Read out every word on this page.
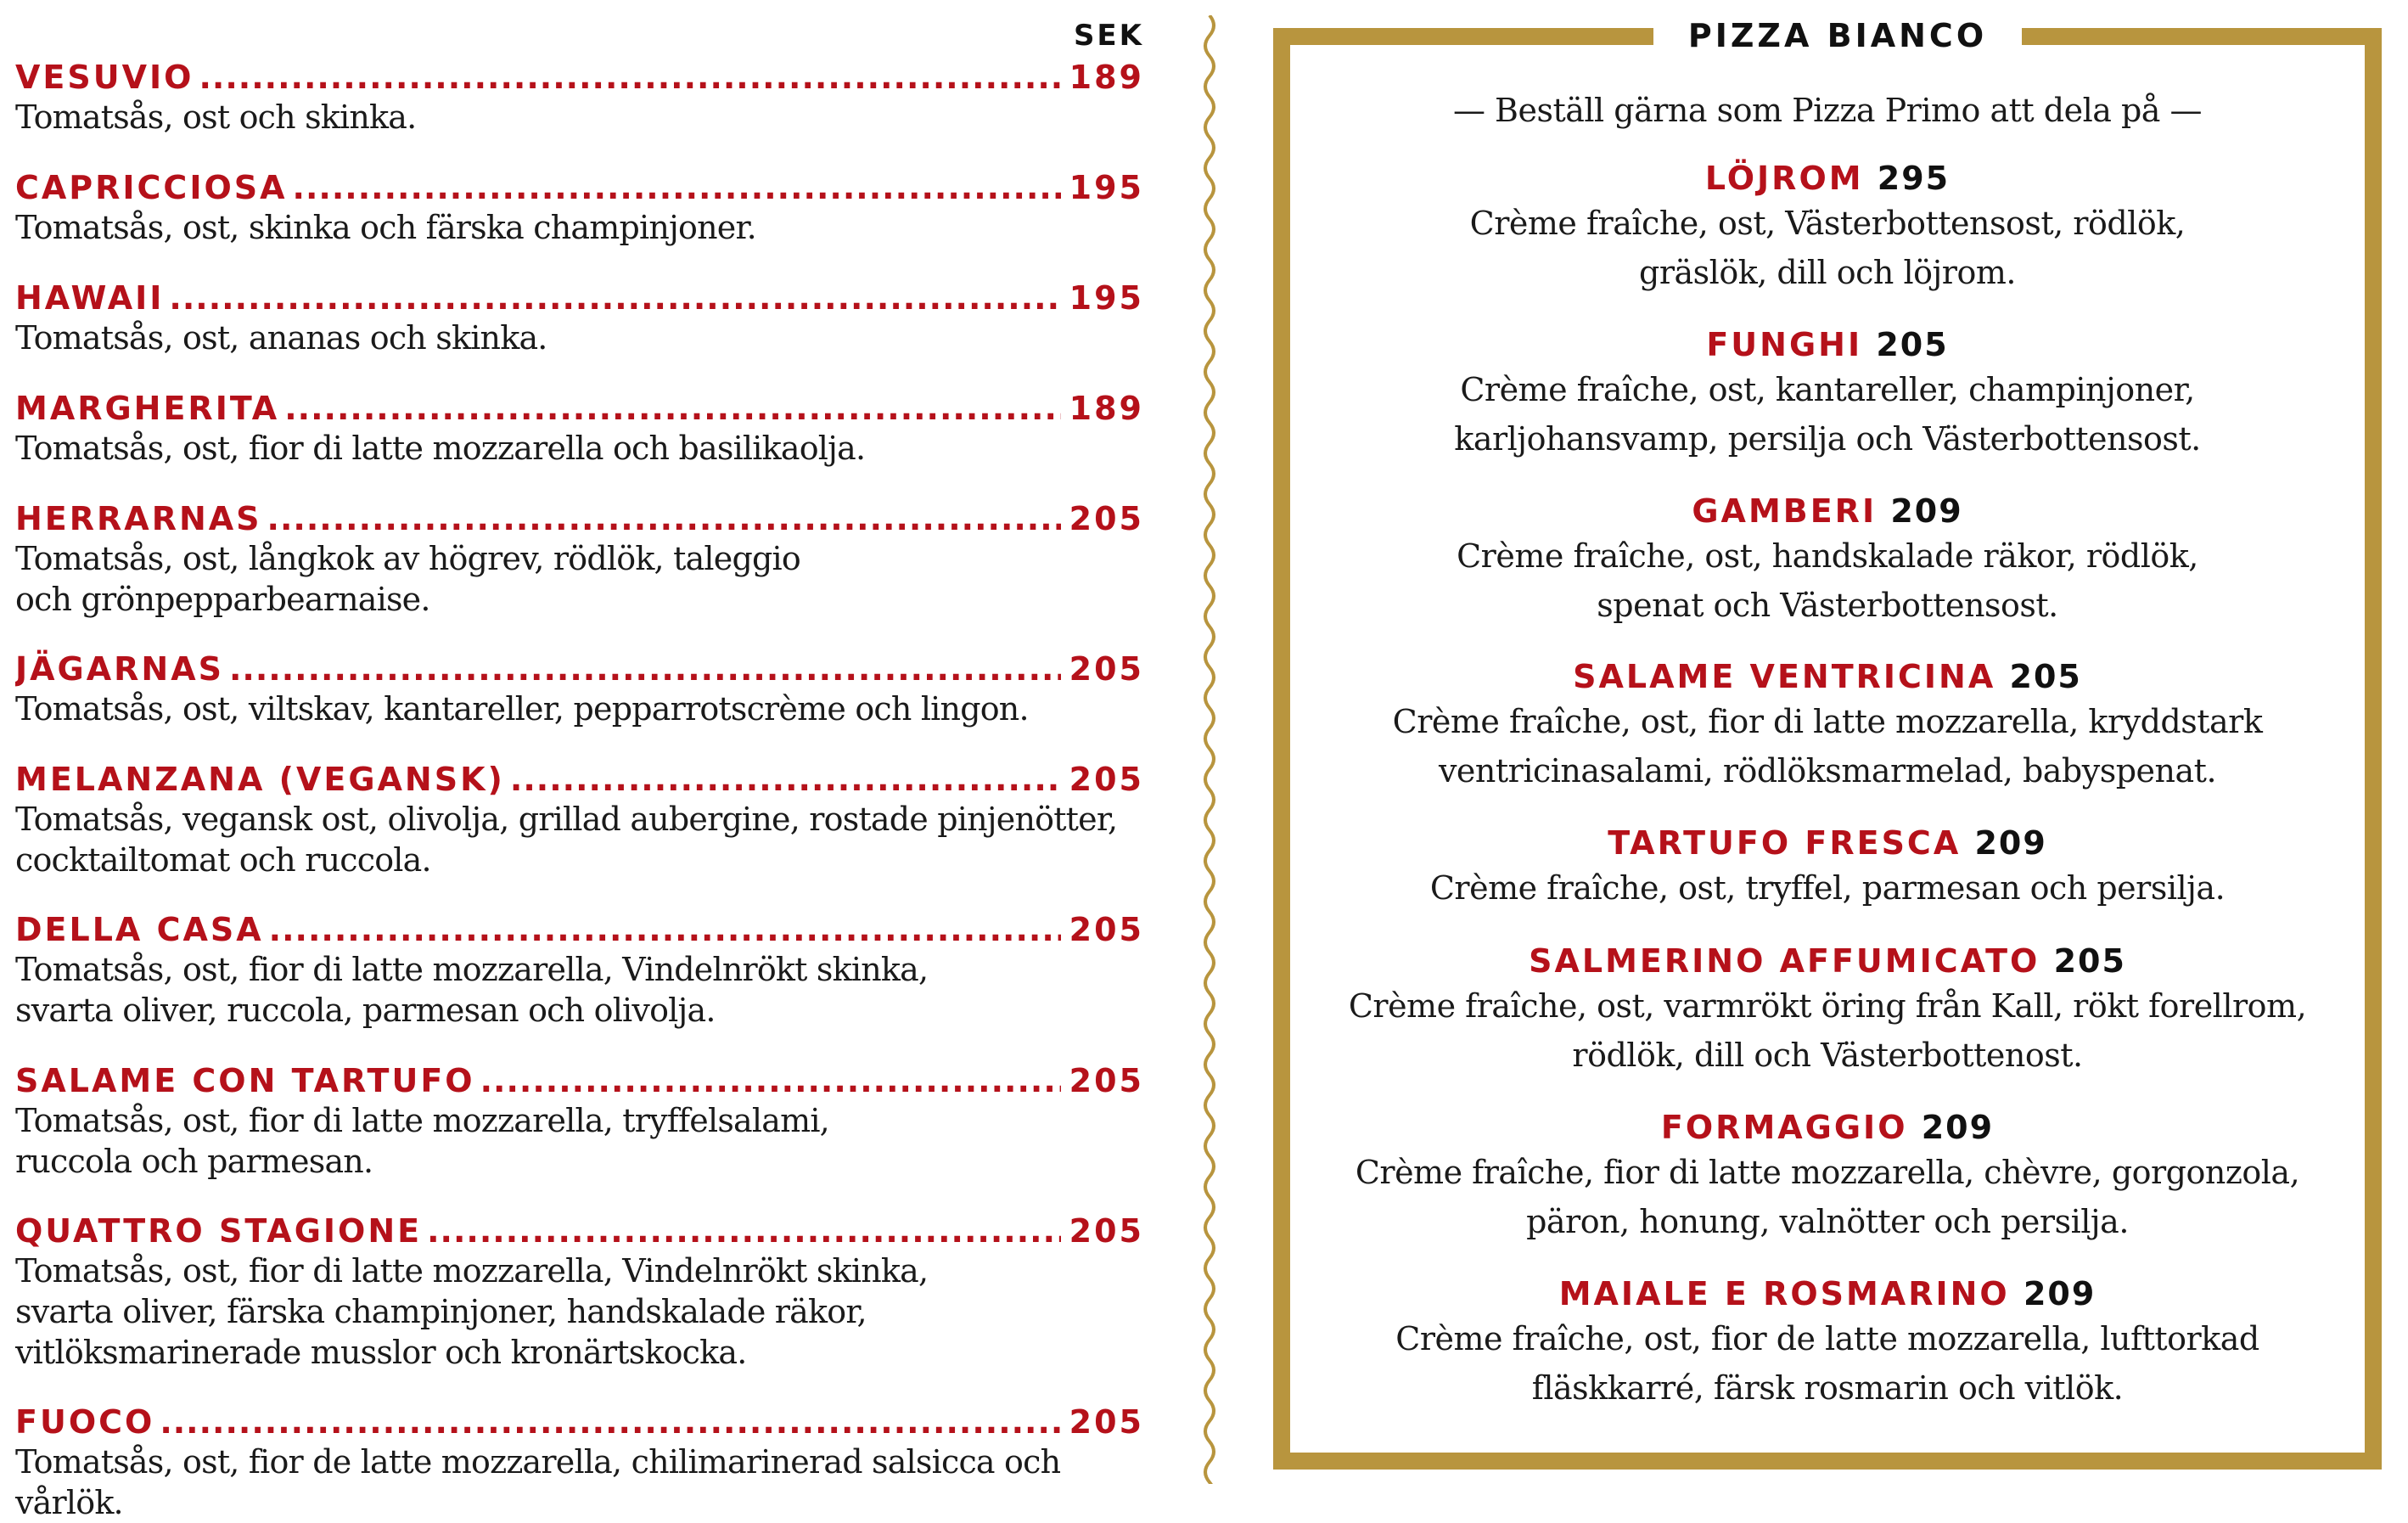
SEK
VESUVIO .....	189
Tomatsås, ost och skinka.
CAPRICCIOSA .....	195
Tomatsås, ost, skinka och färska champinjoner.
HAWAII .....	195
Tomatsås, ost, ananas och skinka.
MARGHERITA .....	189
Tomatsås, ost, fior di latte mozzarella och basilikaolja.
HERRARNAS .....	205
Tomatsås, ost, långkok av högrev, rödlök, taleggio
och grönpepparbearnaise.
JÄGARNAS .....	205
Tomatsås, ost, viltskav, kantareller, pepparrotscrème och lingon.
MELANZANA (VEGANSK) .....	205
Tomatsås, vegansk ost, olivolja, grillad aubergine, rostade pinjenötter,
cocktailtomat och ruccola.
DELLA CASA .....	205
Tomatsås, ost, fior di latte mozzarella, Vindelnrökt skinka,
svarta oliver, ruccola, parmesan och olivolja.
SALAME CON TARTUFO .....	205
Tomatsås, ost, fior di latte mozzarella, tryffelsalami,
ruccola och parmesan.
QUATTRO STAGIONE .....	205
Tomatsås, ost, fior di latte mozzarella, Vindelnrökt skinka,
svarta oliver, färska champinjoner, handskalade räkor,
vitlöksmarinerade musslor och kronärtskocka.
FUOCO .....	205
Tomatsås, ost, fior de latte mozzarella, chilimarinerad salsicca och vårlök.
PIZZA BIANCO
— Beställ gärna som Pizza Primo att dela på —
LÖJROM 295
Crème fraîche, ost, Västerbottensost, rödlök,
gräslök, dill och löjrom.
FUNGHI 205
Crème fraîche, ost, kantareller, champinjoner,
karljohansvamp, persilja och Västerbottensost.
GAMBERI 209
Crème fraîche, ost, handskalade räkor, rödlök,
spenat och Västerbottensost.
SALAME VENTRICINA 205
Crème fraîche, ost, fior di latte mozzarella, kryddstark
ventricinasalami, rödlöksmarmelad, babyspenat.
TARTUFO FRESCA 209
Crème fraîche, ost, tryffel, parmesan och persilja.
SALMERINO AFFUMICATO 205
Crème fraîche, ost, varmrökt öring från Kall, rökt forellrom,
rödlök, dill och Västerbottenost.
FORMAGGIO 209
Crème fraîche, fior di latte mozzarella, chèvre, gorgonzola,
päron, honung, valnötter och persilja.
MAIALE E ROSMARINO 209
Crème fraîche, ost, fior de latte mozzarella, lufttorkad
fläskkarré, färsk rosmarin och vitlök.
